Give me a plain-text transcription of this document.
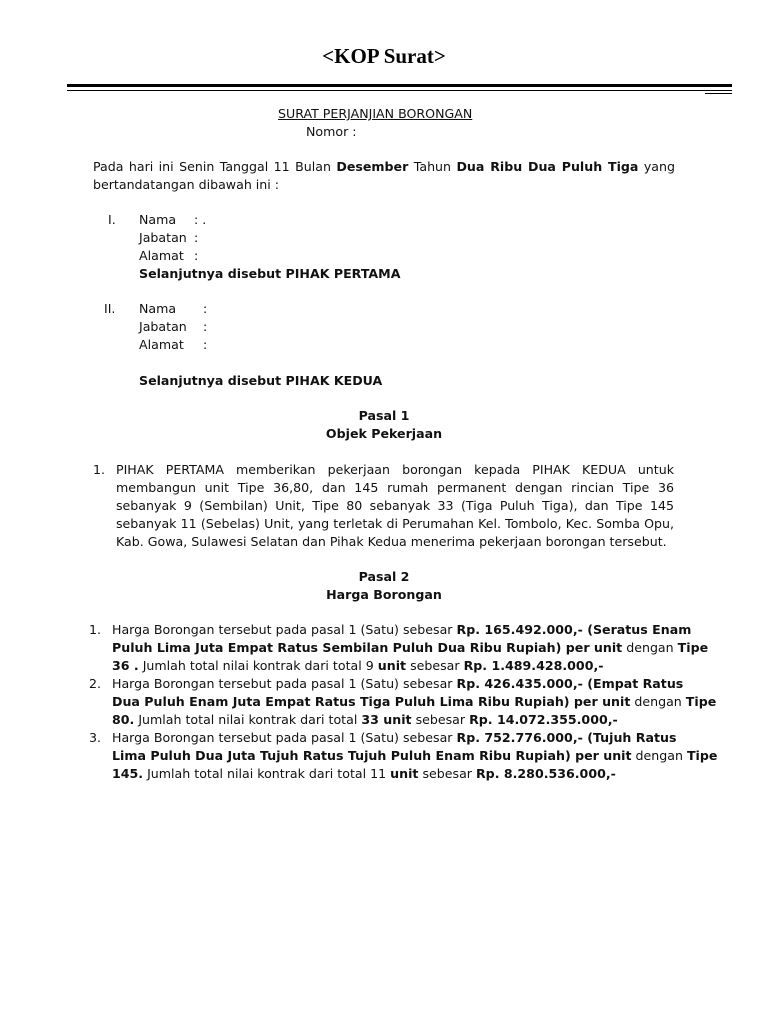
<KOP Surat>
SURAT PERJANJIAN BORONGAN
Nomor :
Pada hari ini Senin Tanggal 11 Bulan Desember Tahun Dua Ribu Dua Puluh Tiga yang
bertandatangan dibawah ini :
I. Nama : .
Jabatan :
Alamat :
Selanjutnya disebut PIHAK PERTAMA
II. Nama :
Jabatan :
Alamat :
Selanjutnya disebut PIHAK KEDUA
Pasal 1
Objek Pekerjaan
1. PIHAK PERTAMA memberikan pekerjaan borongan kepada PIHAK KEDUA untuk
membangun unit Tipe 36,80, dan 145 rumah permanent dengan rincian Tipe 36
sebanyak 9 (Sembilan) Unit, Tipe 80 sebanyak 33 (Tiga Puluh Tiga), dan Tipe 145
sebanyak 11 (Sebelas) Unit, yang terletak di Perumahan Kel. Tombolo, Kec. Somba Opu,
Kab. Gowa, Sulawesi Selatan dan Pihak Kedua menerima pekerjaan borongan tersebut.
Pasal 2
Harga Borongan
1. Harga Borongan tersebut pada pasal 1 (Satu) sebesar Rp. 165.492.000,- (Seratus Enam
Puluh Lima Juta Empat Ratus Sembilan Puluh Dua Ribu Rupiah) per unit dengan Tipe
36 . Jumlah total nilai kontrak dari total 9 unit sebesar Rp. 1.489.428.000,-
2. Harga Borongan tersebut pada pasal 1 (Satu) sebesar Rp. 426.435.000,- (Empat Ratus
Dua Puluh Enam Juta Empat Ratus Tiga Puluh Lima Ribu Rupiah) per unit dengan Tipe
80. Jumlah total nilai kontrak dari total 33 unit sebesar Rp. 14.072.355.000,-
3. Harga Borongan tersebut pada pasal 1 (Satu) sebesar Rp. 752.776.000,- (Tujuh Ratus
Lima Puluh Dua Juta Tujuh Ratus Tujuh Puluh Enam Ribu Rupiah) per unit dengan Tipe
145. Jumlah total nilai kontrak dari total 11 unit sebesar Rp. 8.280.536.000,-
